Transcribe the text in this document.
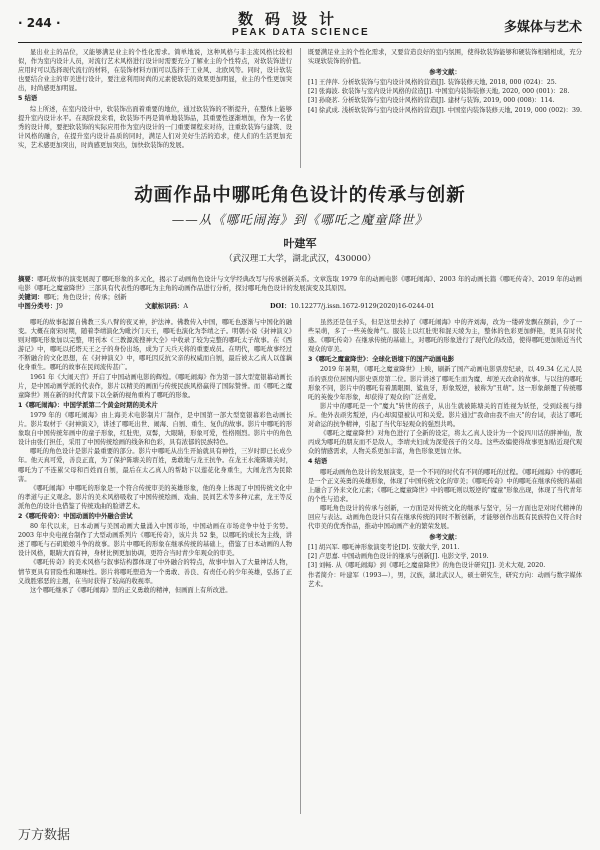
· 244 ·	数码设计
PEAK DATA SCIENCE	多媒体与艺术

显出业主的品位，又能够满足业主的个性化需求。简单地说，这种风格与非主流风格比较相似，作为室内设计人员，对流行艺术风格进行设计时需要充分了解业主的个性特点，对软装饰进行应用时可以选择现代流行的材料，在装饰材料方面可以选择于工业风、北欧风等。同时，设计软装也要结合业主的审美进行设计，要注意利用时尚的元素使软装的效果更加明显，业主的个性更加突出，时尚感更加明显。

5 结语

综上所述，在室内设计中，软装饰出面着重要的地位，通过软装饰的不断提升，在整体上能够提升室内设计水平。在现阶段来看，软装饰不再是简单地装饰品，其重要性逐渐增加，作为一名优秀的设计师，要把软装饰的实际应用作为室内设计的一门重要课程来对待，注重软装饰与建筑、设计风格的融合，在提升室内设计品质的同时，满足人们对美好生活的追求，使人们的生活更加充实，艺术感更加突出，时尚感更加突出，加快软装饰的发展。

既要满足业主的个性化需求，又要营造良好的室内氛围，使得软装饰能够和硬装饰相辅相成，充分实现软装饰的价值。

参考文献：

[1] 王萍萍. 分析软装饰与室内设计风格的营造[J]. 装饰装修天地, 2018, 000 (024)：25.

[2] 张海波. 软装饰与室内设计风格的营造[J]. 中国室内装饰装修天地, 2020, 000 (001)：28.

[3] 孙晓茗. 分析软装饰与室内设计风格的营造[J]. 建材与装饰, 2019, 000 (008)：114.

[4] 徐武成. 浅析软装饰与室内设计风格的营造[J]. 中国室内装饰装修天地, 2019, 000 (002)：39.

动画作品中哪吒角色设计的传承与创新
——从《哪吒闹海》到《哪吒之魔童降世》
叶建军
（武汉理工大学，湖北武汉，430000）
摘要：哪吒故事的演变展现了哪吒形象的多元化，揭示了动画角色设计与文学经典改写与传承创新关系。文章选取 1979 年的动画电影《哪吒闹海》、2003 年的动画长篇《哪吒传奇》、2019 年的动画电影《哪吒之魔童降世》三部具有代表性的哪吒为主角的动画作品进行分析，探讨哪吒角色设计的发展演变及其原因。
关键词：哪吒；角色设计；传承；创新
中图分类号：J9	文献标识码：A	DOI：10.12277/j.issn.1672-9129(2020)16-0244-01

哪吒的故事起源自佛教三头八臂的夜叉神，护法神。佛教传入中国，哪吒也逐渐与中国化的融变。大概在南宋时期，随着李靖演化为毗沙门天王，哪吒也演化为李靖之子。明朝小说《封神演义》则对哪吒形象加以完整，明刊本《三教源流搜神大全》中收录了较为完整的哪吒太子故事。在《西游记》中，哪吒以托塔天王之子的身份出场，成为了天兵天将的重要成员。在明代，哪吒故事经过不断融合的文化思想，在《封神演义》中，哪吒因反抗父亲的权威而自刎，最后被太乙真人以莲藕化身重生。哪吒的故事在民间流传甚广。

1961 年《大闹天宫》开启了中国动画电影的辉煌。《哪吒闹海》作为第一部大型宽银幕动画长片，是中国动画学派的代表作，影片以精美的画面与传统民族风格赢得了国际赞誉。而《哪吒之魔童降世》则在新的时代背景下以全新的视角重构了哪吒的形象。

1《哪吒闹海》：中国学派第二个黄金时期的美术片

1979 年的《哪吒闹海》由上海美术电影制片厂制作，是中国第一部大型宽银幕彩色动画长片。影片取材于《封神演义》，讲述了哪吒出世、闹海、自刎、重生、复仇的故事。影片中哪吒的形象取自中国传统年画中的童子形象，红肚兜，双髻，大眼睛，形象可爱，性格刚烈。影片中的角色设计由张仃担任，采用了中国传统绘画的线条和色彩，具有浓郁的民族特色。

哪吒的角色设计是影片最重要的部分。影片中哪吒从出生开始就具有神性，三岁时即已长成少年。他天真可爱，善良正直，为了保护陈塘关的百姓，勇敢地与龙王抗争。在龙王水淹陈塘关时，哪吒为了不连累父母和百姓而自刎，最后在太乙真人的帮助下以莲花化身重生，大闹龙宫为民除害。

《哪吒闹海》中哪吒的形象是一个符合传统审美的英雄形象，他的身上体现了中国传统文化中的孝道与正义观念。影片的美术风格吸收了中国传统绘画、戏曲、民间艺术等多种元素，龙王等反派角色的设计也借鉴了传统戏曲的脸谱艺术。

2《哪吒传奇》：中国动画的中外融合尝试

80 年代以来，日本动画与美国动画大量涌入中国市场，中国动画在市场竞争中处于劣势。2003 年中央电视台制作了大型动画系列片《哪吒传奇》，该片共 52 集，以哪吒的成长为主线，讲述了哪吒与石矶娘娘斗争的故事。影片中哪吒的形象在继承传统的基础上，借鉴了日本动画的人物设计风格，眼睛大而有神，身材比例更加协调，更符合当时青少年观众的审美。

《哪吒传奇》的美术风格与叙事结构都体现了中外融合的特点，故事中加入了大量神话人物，情节更具有冒险性和趣味性。影片将哪吒塑造为一个勇敢、善良、有责任心的少年英雄，弘扬了正义战胜邪恶的主题，在当时获得了较高的收视率。

这个哪吒继承了《哪吒闹海》里的正义勇敢的精神，但画面上有所改进。

虽然还是包子头，但是这里去掉了《哪吒闹海》中的齐刘海，改为一缕碎发飘在额前，少了一些呆萌，多了一些英俊帅气。服装上以红肚兜和混天绫为主，整体的色彩更加鲜艳，更具有时代感。《哪吒传奇》在继承传统的基础上，对哪吒的形象进行了现代化的改造，使得哪吒更加贴近当代观众的审美。

3《哪吒之魔童降世》：全球化语境下的国产动画电影

2019 年暑期，《哪吒之魔童降世》上映，刷新了国产动画电影票房纪录，以 49.34 亿元人民币的票房位居国内影史票房第二位。影片讲述了哪吒生而为魔、却逆天改命的故事。与以往的哪吒形象不同，影片中的哪吒有着黑眼圈、鲨鱼牙，形象叛逆，被称为"丑萌"。这一形象颠覆了传统哪吒的英俊少年形象，却获得了观众的广泛喜爱。

影片中的哪吒是一个"魔丸"转世的孩子，从出生就被陈塘关的百姓视为妖怪，受到歧视与排斥。他外表顽劣叛逆，内心却渴望被认可和关爱。影片通过"我命由我不由天"的台词，表达了哪吒对命运的抗争精神，引起了当代年轻观众的强烈共鸣。

《哪吒之魔童降世》对角色进行了全新的设定，将太乙真人设计为一个说四川话的胖神仙，敖丙成为哪吒的朋友而不是敌人，李靖夫妇成为深爱孩子的父母。这些改编使得故事更加贴近现代观众的情感需求，人物关系更加丰富，角色形象更加立体。

4 结语

哪吒动画角色设计的发展演变，是一个不同的时代有不同的哪吒的过程。《哪吒闹海》中的哪吒是一个正义英勇的英雄形象，体现了中国传统文化的审美；《哪吒传奇》中的哪吒在继承传统的基础上融合了外来文化元素；《哪吒之魔童降世》中的哪吒则以叛逆的"魔童"形象出现，体现了当代青年的个性与追求。

哪吒角色设计的传承与创新，一方面是对传统文化的继承与坚守，另一方面也是对时代精神的回应与表达。动画角色设计只有在继承传统的同时不断创新，才能够创作出既有民族特色又符合时代审美的优秀作品，推动中国动画产业的繁荣发展。

参考文献：

[1] 胡兴军. 哪吒神形象演变考论[D]. 安徽大学, 2011.

[2] 卢思嘉. 中国动画角色设计的继承与创新[J]. 电影文学, 2019.

[3] 刘畅. 从《哪吒闹海》到《哪吒之魔童降世》的角色设计研究[J]. 美术大观, 2020.

作者简介：叶建军（1993—），男，汉族，湖北武汉人，硕士研究生，研究方向：动画与数字媒体艺术。

万方数据
